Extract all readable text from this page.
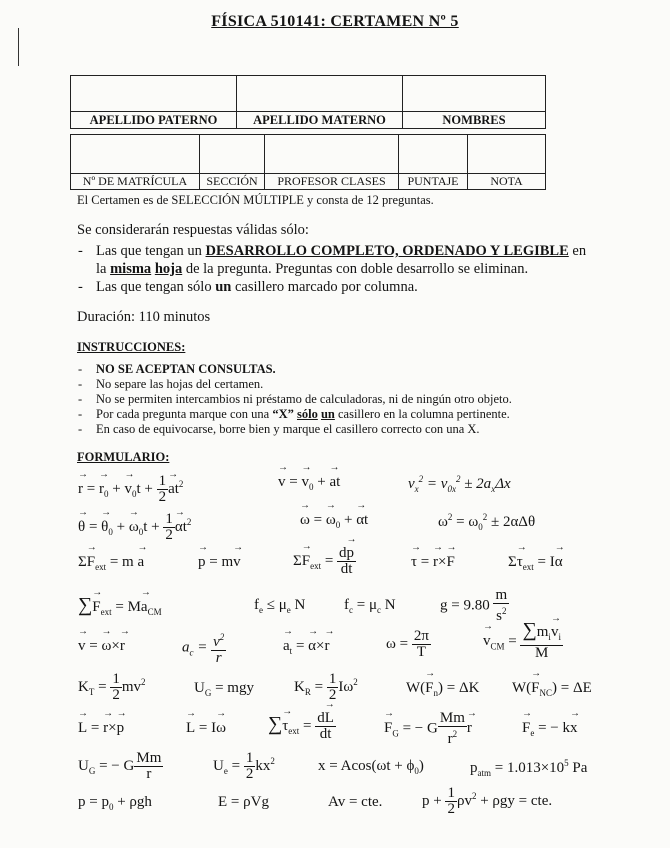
FÍSICA 510141: CERTAMEN Nº 5

APELLIDO PATERNO	APELLIDO MATERNO	NOMBRES

Nº DE MATRÍCULA	SECCIÓN	PROFESOR CLASES	PUNTAJE	NOTA
El Certamen es de SELECCIÓN MÚLTIPLE y consta de 12 preguntas.
Se considerarán respuestas válidas sólo:
- Las que tengan un DESARROLLO COMPLETO, ORDENADO Y LEGIBLE en
la misma hoja de la pregunta. Preguntas con doble desarrollo se eliminan.
- Las que tengan sólo un casillero marcado por columna.
Duración: 110 minutos
INSTRUCCIONES:
- NO SE ACEPTAN CONSULTAS.
- No separe las hojas del certamen.
- No se permiten intercambios ni préstamo de calculadoras, ni de ningún otro objeto.
- Por cada pregunta marque con una “X” sólo un casillero en la columna pertinente.
- En caso de equivocarse, borre bien y marque el casillero correcto con una X.
FORMULARIO:
→ r = → $r_0$ + → $v_0t + \frac{1}{2} \to at^2$	→ v = → $v_0$ + → at	$v_x^2 = v_{0x}^2 \pm 2a_x\Delta x$
→ θ = → $\theta_0$ + → $\omega_0t + \frac{1}{2} \to \alpha t^2$	→ ω = → $\omega_0$ + → αt	$\omega^2 = \omega_0^2 \pm 2\alpha\Delta\theta$
$\Sigma\to F_{ext} = m \to a$	→ p = m→ v	$\Sigma\to F_{ext} = \frac{d\to p}{dt}$	→ τ = → r×→ F	$\Sigma\to \tau_{ext} = I\to \alpha$
∑→ $F_{ext} = M\to a_{CM}$	$f_e \le \mu_e$ N	$f_c = \mu_c$ N	$g = 9.80 \frac{m}{s^2}$
→ v = → ω×→ r	$a_c = \frac{v^2}{r}$	→ $a_t$ = → α×→ r	$\omega = \frac{2\pi}{T}$	→ $v_{CM} = \frac{\sum m_i\to v_i}{M}$
$K_T = \frac{1}{2} mv^2$	$U_G$ = mgy	$K_R = \frac{1}{2} I\omega^2$	$W(\to F_n) = \Delta K$ $W(\to F_{NC}) = \Delta E$
→ L = → r×→ p	→ L = I→ ω ∑→ $\tau_{ext} = \frac{d\to L}{dt}$	→ $F_G$ = − G $\frac{Mm}{r^2} \to r$	→ $F_e$ = − k→ x
$U_G$ = − G $\frac{Mm}{r}$	$U_e = \frac{1}{2} kx^2$	$x = Acos(\omega t + \phi_0)$	$p_{atm} = 1.013\times 10^5$ Pa
$p = p_0 + \rho gh$	E = ρVg	Av = cte.	$p + \frac{1}{2} \rho v^2 + \rho gy$ = cte.
